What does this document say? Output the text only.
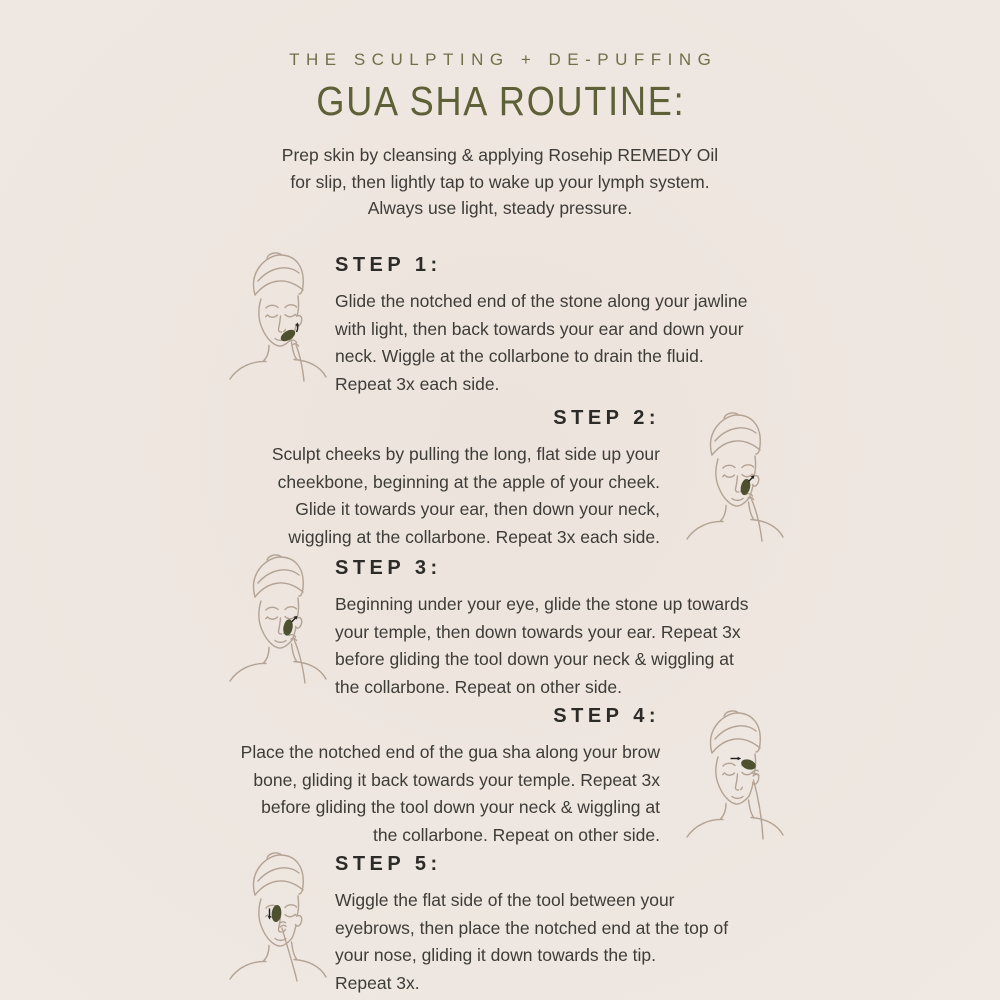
THE SCULPTING + DE-PUFFING
GUA SHA ROUTINE:
Prep skin by cleansing & applying Rosehip REMEDY Oil
for slip, then lightly tap to wake up your lymph system.
Always use light, steady pressure.
STEP 1:
Glide the notched end of the stone along your jawline
with light, then back towards your ear and down your
neck. Wiggle at the collarbone to drain the fluid.
Repeat 3x each side.
STEP 2:
Sculpt cheeks by pulling the long, flat side up your
cheekbone, beginning at the apple of your cheek.
Glide it towards your ear, then down your neck,
wiggling at the collarbone. Repeat 3x each side.
STEP 3:
Beginning under your eye, glide the stone up towards
your temple, then down towards your ear. Repeat 3x
before gliding the tool down your neck & wiggling at
the collarbone. Repeat on other side.
STEP 4:
Place the notched end of the gua sha along your brow
bone, gliding it back towards your temple. Repeat 3x
before gliding the tool down your neck & wiggling at
the collarbone. Repeat on other side.
STEP 5:
Wiggle the flat side of the tool between your
eyebrows, then place the notched end at the top of
your nose, gliding it down towards the tip.
Repeat 3x.
